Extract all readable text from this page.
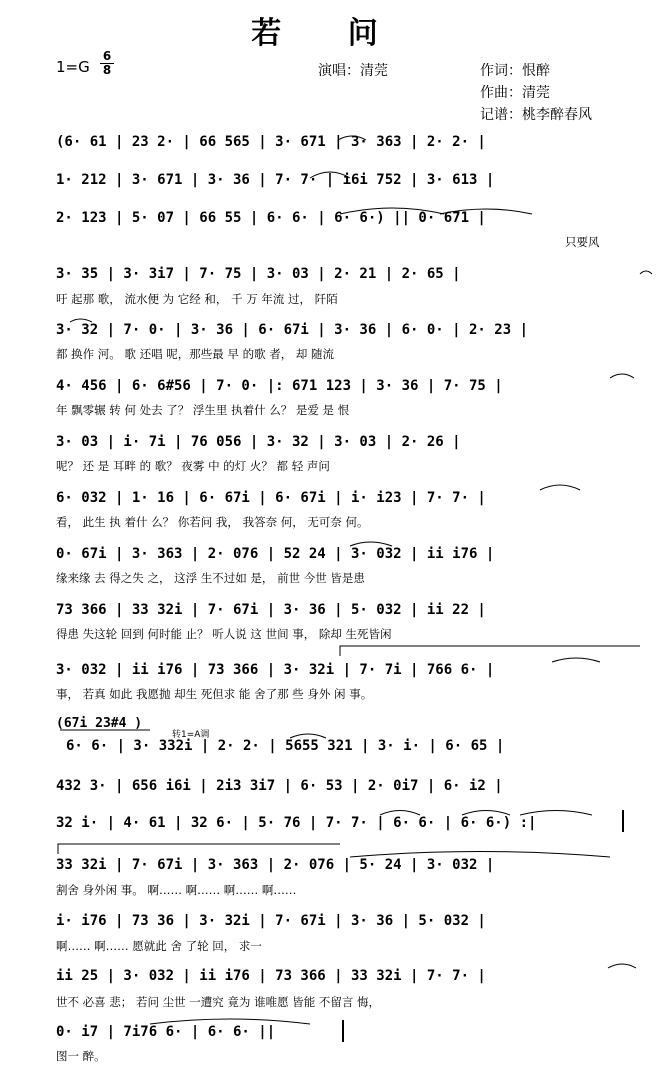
若 问
1=G
6
8	演唱：清莞	作词：恨醉
作曲：清莞
记谱：桃李醉春风
(6· 61 | 23 2· | 66 565 | 3· 671 | 3· 363 | 2· 2· |
1· 212 | 3· 671 | 3· 36 | 7· 7· | i6i 752 | 3· 613 |
2· 123 | 5· 07 | 66 55 | 6· 6· | 6· 6·) || 0· 671 |
只要风
3· 35 | 3· 3i7 | 7· 75 | 3· 03 | 2· 21 | 2· 65 |
吁 起那 歌， 流水便 为 它经 和， 千 万 年流 过， 阡陌
3· 32 | 7· 0· | 3· 36 | 6· 67i | 3· 36 | 6· 0· | 2· 23 |
都 换作 河。 歌 还唱 呢，那些最 早 的歌 者， 却 随流
4· 456 | 6· 6#56 | 7· 0· |: 671 123 | 3· 36 | 7· 75 |
年 飘零辗 转 何 处去 了？ 浮生里 执着什 么？ 是爱 是 恨
3· 03 | i· 7i | 76 056 | 3· 32 | 3· 03 | 2· 26 |
呢？ 还 是 耳畔 的 歌？ 夜雾 中 的灯 火？ 都 轻 声问
6· 032 | 1· 16 | 6· 67i | 6· 67i | i· i23 | 7· 7· |
看， 此生 执 着什 么？ 你若问 我， 我答奈 何， 无可奈 何。
0· 67i | 3· 363 | 2· 076 | 52 24 | 3· 032 | ii i76 |
缘来缘 去 得之失 之， 这浮 生不过如 是， 前世 今世 皆是患
73 366 | 33 32i | 7· 67i | 3· 36 | 5· 032 | ii 22 |
得患 失这轮 回到 何时能 止？ 听人说 这 世间 事， 除却 生死皆闲
3· 032 | ii i76 | 73 366 | 3· 32i | 7· 7i | 766 6· |
事， 若真 如此 我愿抛 却生 死但求 能 舍了那 些 身外 闲 事。
(67i 23#4 )
转1=A调
6· 6· | 3· 332i | 2· 2· | 5655 321 | 3· i· | 6· 65 |
432 3· | 656 i6i | 2i3 3i7 | 6· 53 | 2· 0i7 | 6· i2 |
32 i· | 4· 61 | 32 6· | 5· 76 | 7· 7· | 6· 6· | 6· 6·) :|
33 32i | 7· 67i | 3· 363 | 2· 076 | 5· 24 | 3· 032 |
割舍 身外闲 事。 啊…… 啊…… 啊…… 啊……
i· i76 | 73 36 | 3· 32i | 7· 67i | 3· 36 | 5· 032 |
啊…… 啊…… 愿就此 舍 了轮 回， 求一
ii 25 | 3· 032 | ii i76 | 73 366 | 33 32i | 7· 7· |
世不 必喜 悲； 若问 尘世 一遭究 竟为 谁唯愿 皆能 不留言 悔，
0· i7 | 7i76 6· | 6· 6· ||
图一 醉。
